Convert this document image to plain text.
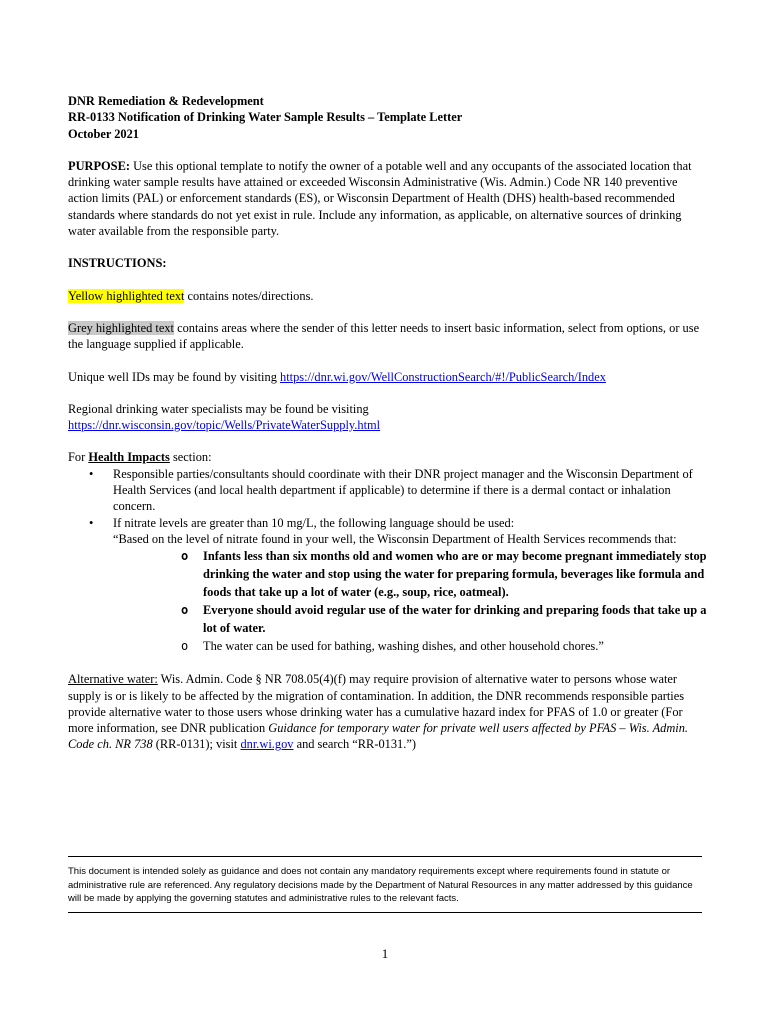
DNR Remediation & Redevelopment

RR-0133 Notification of Drinking Water Sample Results – Template Letter

October 2021

PURPOSE: Use this optional template to notify the owner of a potable well and any occupants of the associated location that drinking water sample results have attained or exceeded Wisconsin Administrative (Wis. Admin.) Code NR 140 preventive action limits (PAL) or enforcement standards (ES), or Wisconsin Department of Health (DHS) health-based recommended standards where standards do not yet exist in rule. Include any information, as applicable, on alternative sources of drinking water available from the responsible party.

INSTRUCTIONS:

Yellow highlighted text contains notes/directions.

Grey highlighted text contains areas where the sender of this letter needs to insert basic information, select from options, or use the language supplied if applicable.

Unique well IDs may be found by visiting https://dnr.wi.gov/WellConstructionSearch/#!/PublicSearch/Index

Regional drinking water specialists may be found be visiting
https://dnr.wisconsin.gov/topic/Wells/PrivateWaterSupply.html

For Health Impacts section:

• Responsible parties/consultants should coordinate with their DNR project manager and the Wisconsin Department of Health Services (and local health department if applicable) to determine if there is a dermal contact or inhalation concern.
• If nitrate levels are greater than 10 mg/L, the following language should be used:
“Based on the level of nitrate found in your well, the Wisconsin Department of Health Services recommends that:
o Infants less than six months old and women who are or may become pregnant immediately stop drinking the water and stop using the water for preparing formula, beverages like formula and foods that take up a lot of water (e.g., soup, rice, oatmeal).
o Everyone should avoid regular use of the water for drinking and preparing foods that take up a lot of water.
o The water can be used for bathing, washing dishes, and other household chores.”

Alternative water: Wis. Admin. Code § NR 708.05(4)(f) may require provision of alternative water to persons whose water supply is or is likely to be affected by the migration of contamination. In addition, the DNR recommends responsible parties provide alternative water to those users whose drinking water has a cumulative hazard index for PFAS of 1.0 or greater (For more information, see DNR publication Guidance for temporary water for private well users affected by PFAS – Wis. Admin. Code ch. NR 738 (RR-0131); visit dnr.wi.gov and search “RR-0131.”)

This document is intended solely as guidance and does not contain any mandatory requirements except where requirements found in statute or administrative rule are referenced. Any regulatory decisions made by the Department of Natural Resources in any matter addressed by this guidance will be made by applying the governing statutes and administrative rules to the relevant facts.
1
